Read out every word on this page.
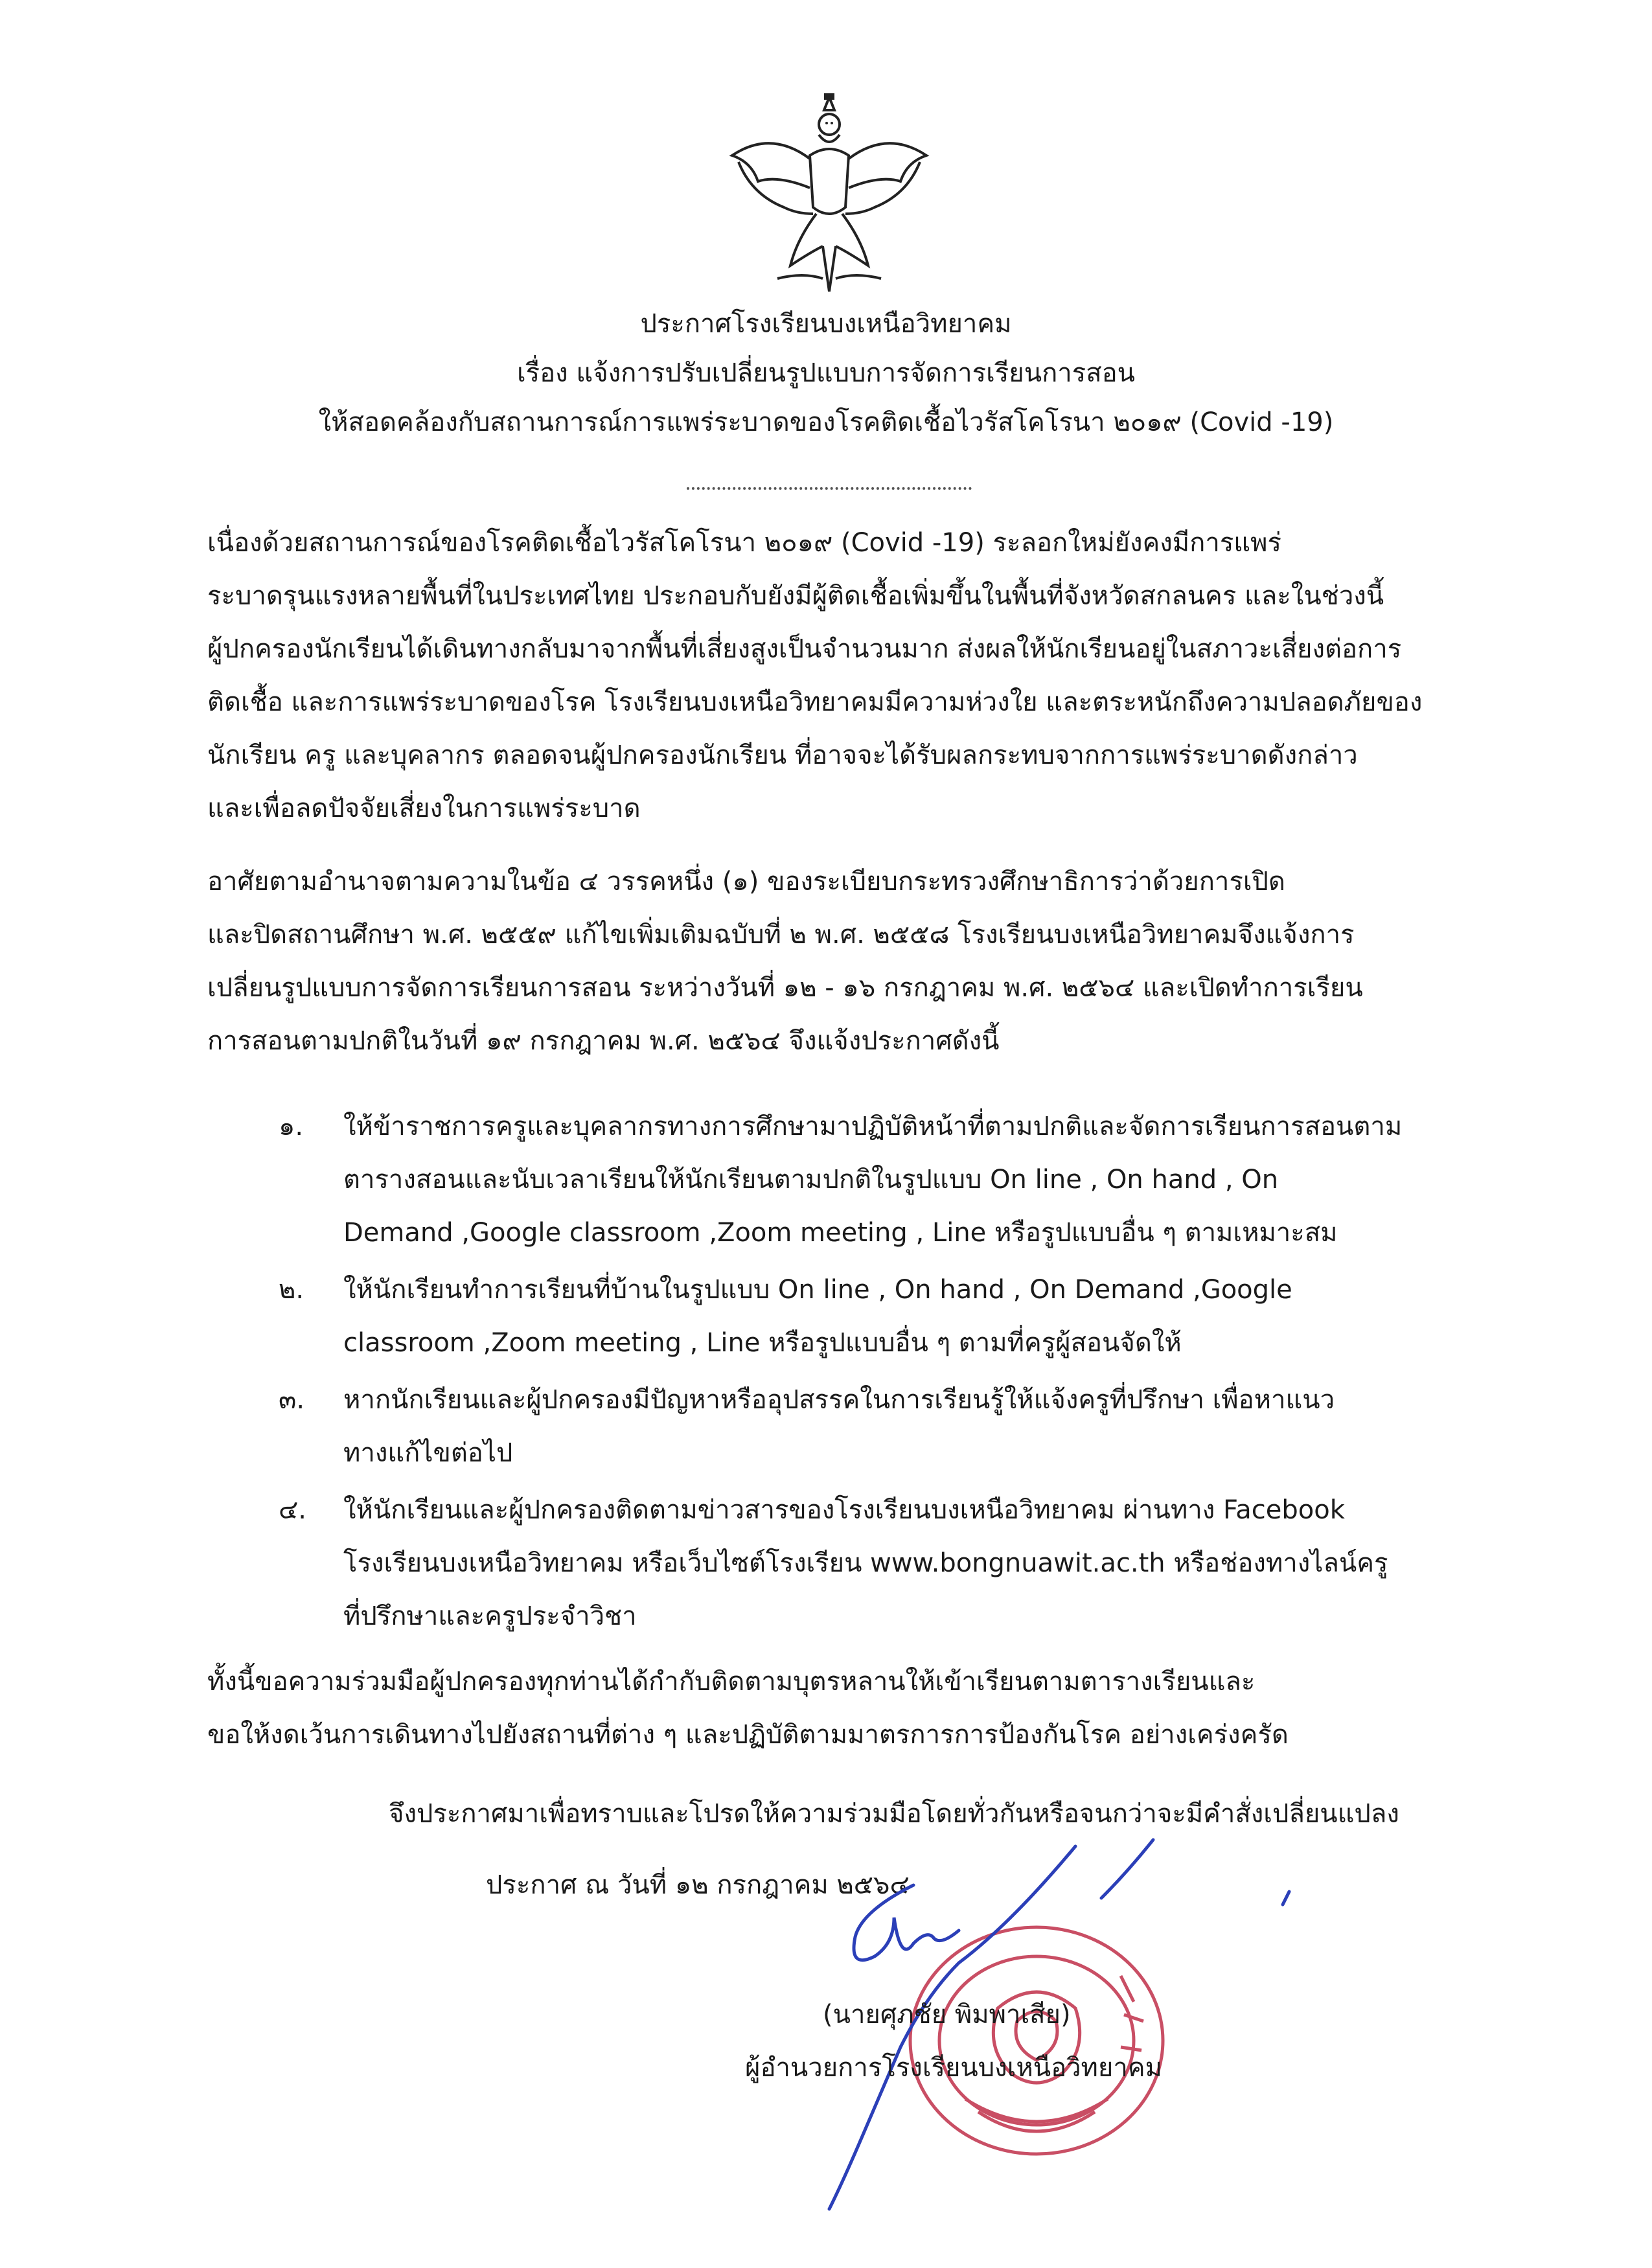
ประกาศโรงเรียนบงเหนือวิทยาคม
เรื่อง แจ้งการปรับเปลี่ยนรูปแบบการจัดการเรียนการสอน
ให้สอดคล้องกับสถานการณ์การแพร่ระบาดของโรคติดเชื้อไวรัสโคโรนา ๒๐๑๙ (Covid -19)
เนื่องด้วยสถานการณ์ของโรคติดเชื้อไวรัสโคโรนา ๒๐๑๙ (Covid -19) ระลอกใหม่ยังคงมีการแพร่
ระบาดรุนแรงหลายพื้นที่ในประเทศไทย ประกอบกับยังมีผู้ติดเชื้อเพิ่มขึ้นในพื้นที่จังหวัดสกลนคร และในช่วงนี้
ผู้ปกครองนักเรียนได้เดินทางกลับมาจากพื้นที่เสี่ยงสูงเป็นจำนวนมาก ส่งผลให้นักเรียนอยู่ในสภาวะเสี่ยงต่อการ
ติดเชื้อ และการแพร่ระบาดของโรค โรงเรียนบงเหนือวิทยาคมมีความห่วงใย และตระหนักถึงความปลอดภัยของ
นักเรียน ครู และบุคลากร ตลอดจนผู้ปกครองนักเรียน ที่อาจจะได้รับผลกระทบจากการแพร่ระบาดดังกล่าว
และเพื่อลดปัจจัยเสี่ยงในการแพร่ระบาด
อาศัยตามอำนาจตามความในข้อ ๔ วรรคหนึ่ง (๑) ของระเบียบกระทรวงศึกษาธิการว่าด้วยการเปิด
และปิดสถานศึกษา พ.ศ. ๒๕๕๙ แก้ไขเพิ่มเติมฉบับที่ ๒ พ.ศ. ๒๕๕๘ โรงเรียนบงเหนือวิทยาคมจึงแจ้งการ
เปลี่ยนรูปแบบการจัดการเรียนการสอน ระหว่างวันที่ ๑๒ - ๑๖ กรกฎาคม พ.ศ. ๒๕๖๔ และเปิดทำการเรียน
การสอนตามปกติในวันที่ ๑๙ กรกฎาคม พ.ศ. ๒๕๖๔ จึงแจ้งประกาศดังนี้
๑. ให้ข้าราชการครูและบุคลากรทางการศึกษามาปฏิบัติหน้าที่ตามปกติและจัดการเรียนการสอนตาม
ตารางสอนและนับเวลาเรียนให้นักเรียนตามปกติในรูปแบบ On line , On hand , On
Demand ,Google classroom ,Zoom meeting , Line หรือรูปแบบอื่น ๆ ตามเหมาะสม
๒. ให้นักเรียนทำการเรียนที่บ้านในรูปแบบ On line , On hand , On Demand ,Google
classroom ,Zoom meeting , Line หรือรูปแบบอื่น ๆ ตามที่ครูผู้สอนจัดให้
๓. หากนักเรียนและผู้ปกครองมีปัญหาหรืออุปสรรคในการเรียนรู้ให้แจ้งครูที่ปรึกษา เพื่อหาแนว
ทางแก้ไขต่อไป
๔. ให้นักเรียนและผู้ปกครองติดตามข่าวสารของโรงเรียนบงเหนือวิทยาคม ผ่านทาง Facebook
โรงเรียนบงเหนือวิทยาคม หรือเว็บไซต์โรงเรียน www.bongnuawit.ac.th หรือช่องทางไลน์ครู
ที่ปรึกษาและครูประจำวิชา
ทั้งนี้ขอความร่วมมือผู้ปกครองทุกท่านได้กำกับติดตามบุตรหลานให้เข้าเรียนตามตารางเรียนและ
ขอให้งดเว้นการเดินทางไปยังสถานที่ต่าง ๆ และปฏิบัติตามมาตรการการป้องกันโรค อย่างเคร่งครัด
จึงประกาศมาเพื่อทราบและโปรดให้ความร่วมมือโดยทั่วกันหรือจนกว่าจะมีคำสั่งเปลี่ยนแปลง
ประกาศ ณ วันที่ ๑๒ กรกฎาคม ๒๕๖๔
(นายศุภชัย พิมพาเสีย)
ผู้อำนวยการโรงเรียนบงเหนือวิทยาคม
